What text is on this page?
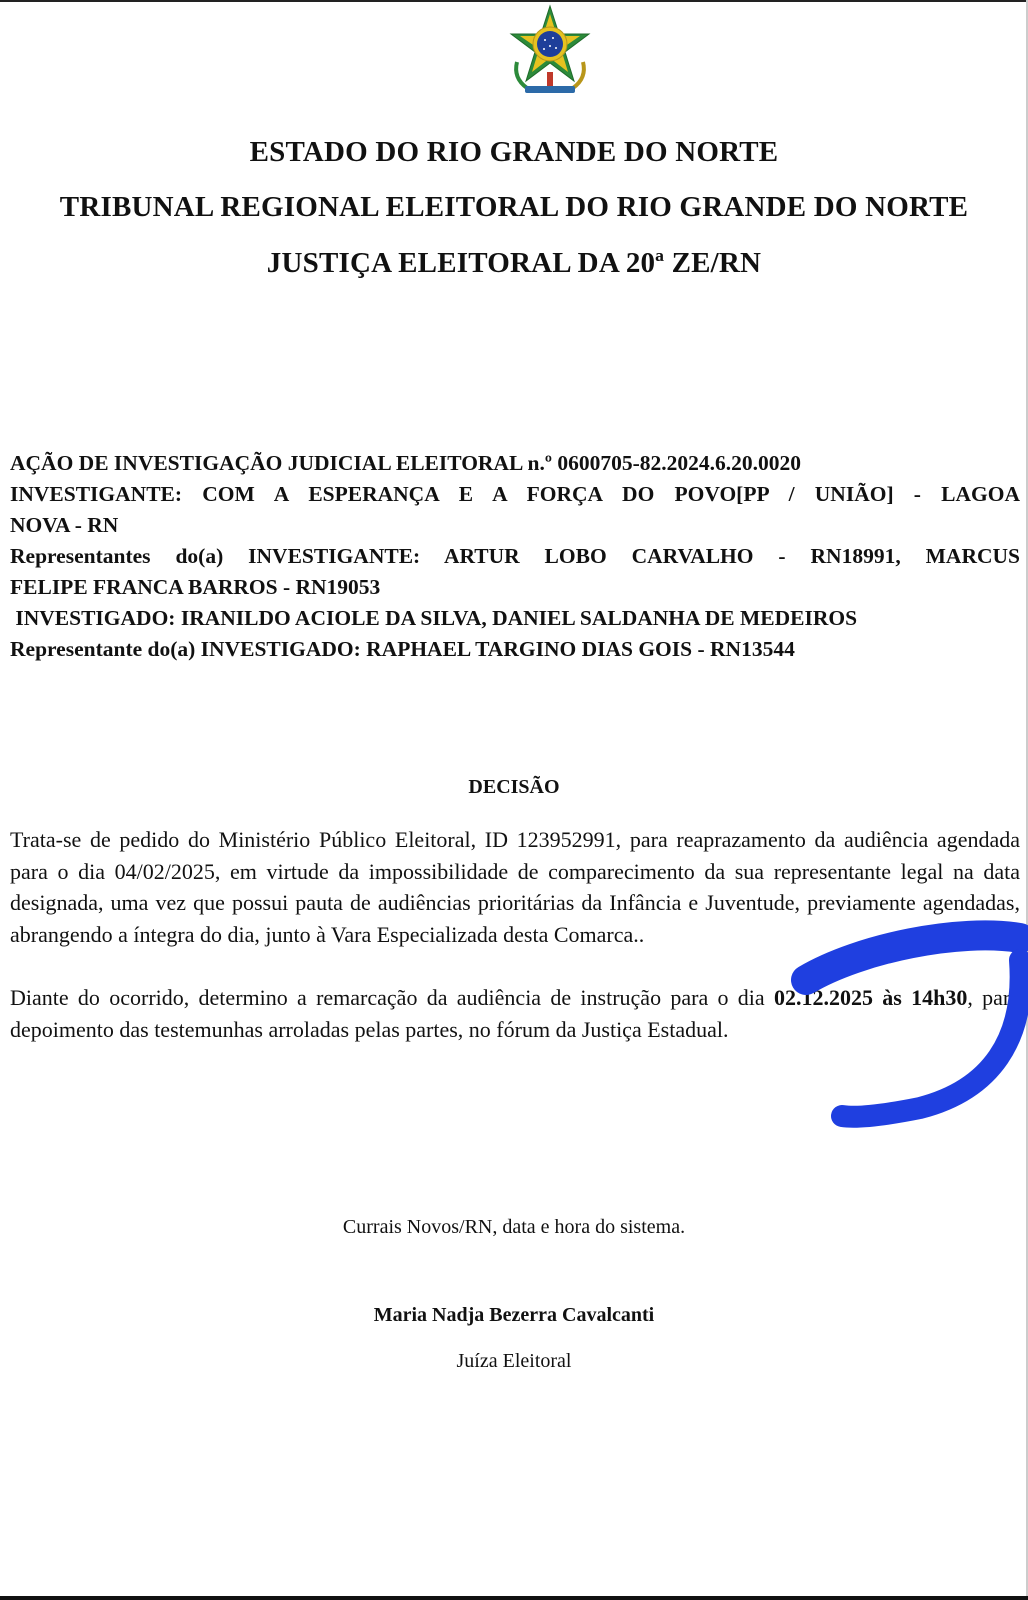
ESTADO DO RIO GRANDE DO NORTE
TRIBUNAL REGIONAL ELEITORAL DO RIO GRANDE DO NORTE
JUSTIÇA ELEITORAL DA 20ª ZE/RN
AÇÃO DE INVESTIGAÇÃO JUDICIAL ELEITORAL n.º 0600705-82.2024.6.20.0020
INVESTIGANTE: COM A ESPERANÇA E A FORÇA DO POVO[PP / UNIÃO] - LAGOA
NOVA - RN
Representantes do(a) INVESTIGANTE: ARTUR LOBO CARVALHO - RN18991, MARCUS
FELIPE FRANCA BARROS - RN19053
INVESTIGADO: IRANILDO ACIOLE DA SILVA, DANIEL SALDANHA DE MEDEIROS
Representante do(a) INVESTIGADO: RAPHAEL TARGINO DIAS GOIS - RN13544
DECISÃO
Trata-se de pedido do Ministério Público Eleitoral, ID 123952991, para reaprazamento da audiência agendada para o dia 04/02/2025, em virtude da impossibilidade de comparecimento da sua representante legal na data designada, uma vez que possui pauta de audiências prioritárias da Infância e Juventude, previamente agendadas, abrangendo a íntegra do dia, junto à Vara Especializada desta Comarca..
Diante do ocorrido, determino a remarcação da audiência de instrução para o dia 02.12.2025 às 14h30, para depoimento das testemunhas arroladas pelas partes, no fórum da Justiça Estadual.
Currais Novos/RN, data e hora do sistema.
Maria Nadja Bezerra Cavalcanti
Juíza Eleitoral
